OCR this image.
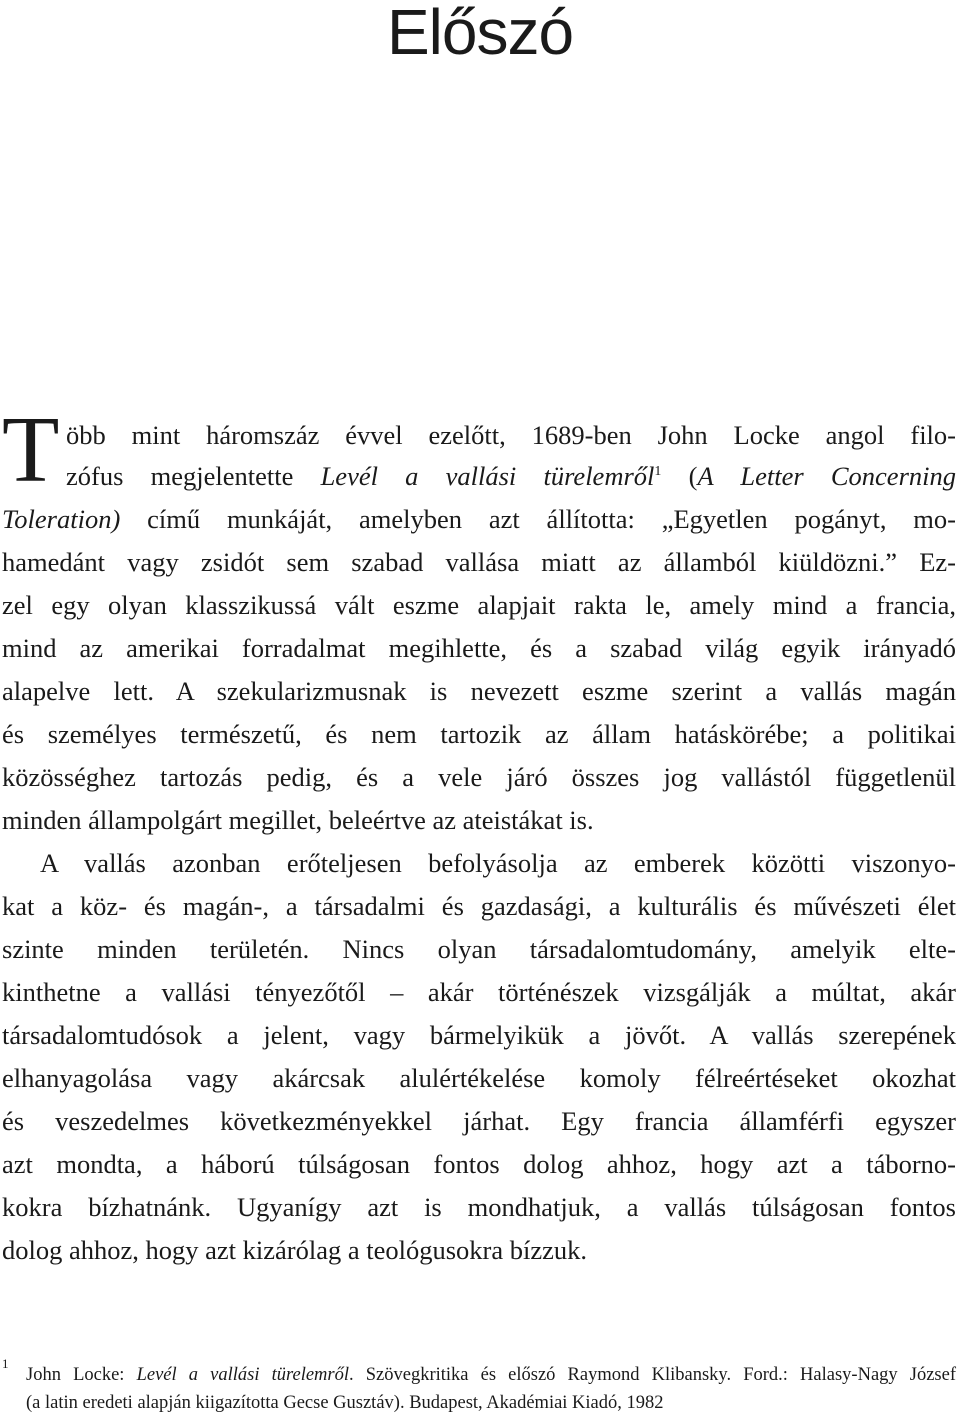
Előszó
T öbb mint háromszáz évvel ezelőtt, 1689-ben John Locke angol filo-
zófus megjelentette Levél a vallási türelemről$^1$ (A Letter Concerning
Toleration) című munkáját, amelyben azt állította: „Egyetlen pogányt, mo-
hamedánt vagy zsidót sem szabad vallása miatt az államból kiüldözni.” Ez-
zel egy olyan klasszikussá vált eszme alapjait rakta le, amely mind a francia,
mind az amerikai forradalmat megihlette, és a szabad világ egyik irányadó
alapelve lett. A szekularizmusnak is nevezett eszme szerint a vallás magán
és személyes természetű, és nem tartozik az állam hatáskörébe; a politikai
közösséghez tartozás pedig, és a vele járó összes jog vallástól függetlenül
minden állampolgárt megillet, beleértve az ateistákat is.
A vallás azonban erőteljesen befolyásolja az emberek közötti viszonyo-
kat a köz- és magán-, a társadalmi és gazdasági, a kulturális és művészeti élet
szinte minden területén. Nincs olyan társadalomtudomány, amelyik elte-
kinthetne a vallási tényezőtől – akár történészek vizsgálják a múltat, akár
társadalomtudósok a jelent, vagy bármelyikük a jövőt. A vallás szerepének
elhanyagolása vagy akárcsak alulértékelése komoly félreértéseket okozhat
és veszedelmes következményekkel járhat. Egy francia államférfi egyszer
azt mondta, a háború túlságosan fontos dolog ahhoz, hogy azt a táborno-
kokra bízhatnánk. Ugyanígy azt is mondhatjuk, a vallás túlságosan fontos
dolog ahhoz, hogy azt kizárólag a teológusokra bízzuk.
1
John Locke: Levél a vallási türelemről. Szövegkritika és előszó Raymond Klibansky. Ford.: Halasy-Nagy József
(a latin eredeti alapján kiigazította Gecse Gusztáv). Budapest, Akadémiai Kiadó, 1982
